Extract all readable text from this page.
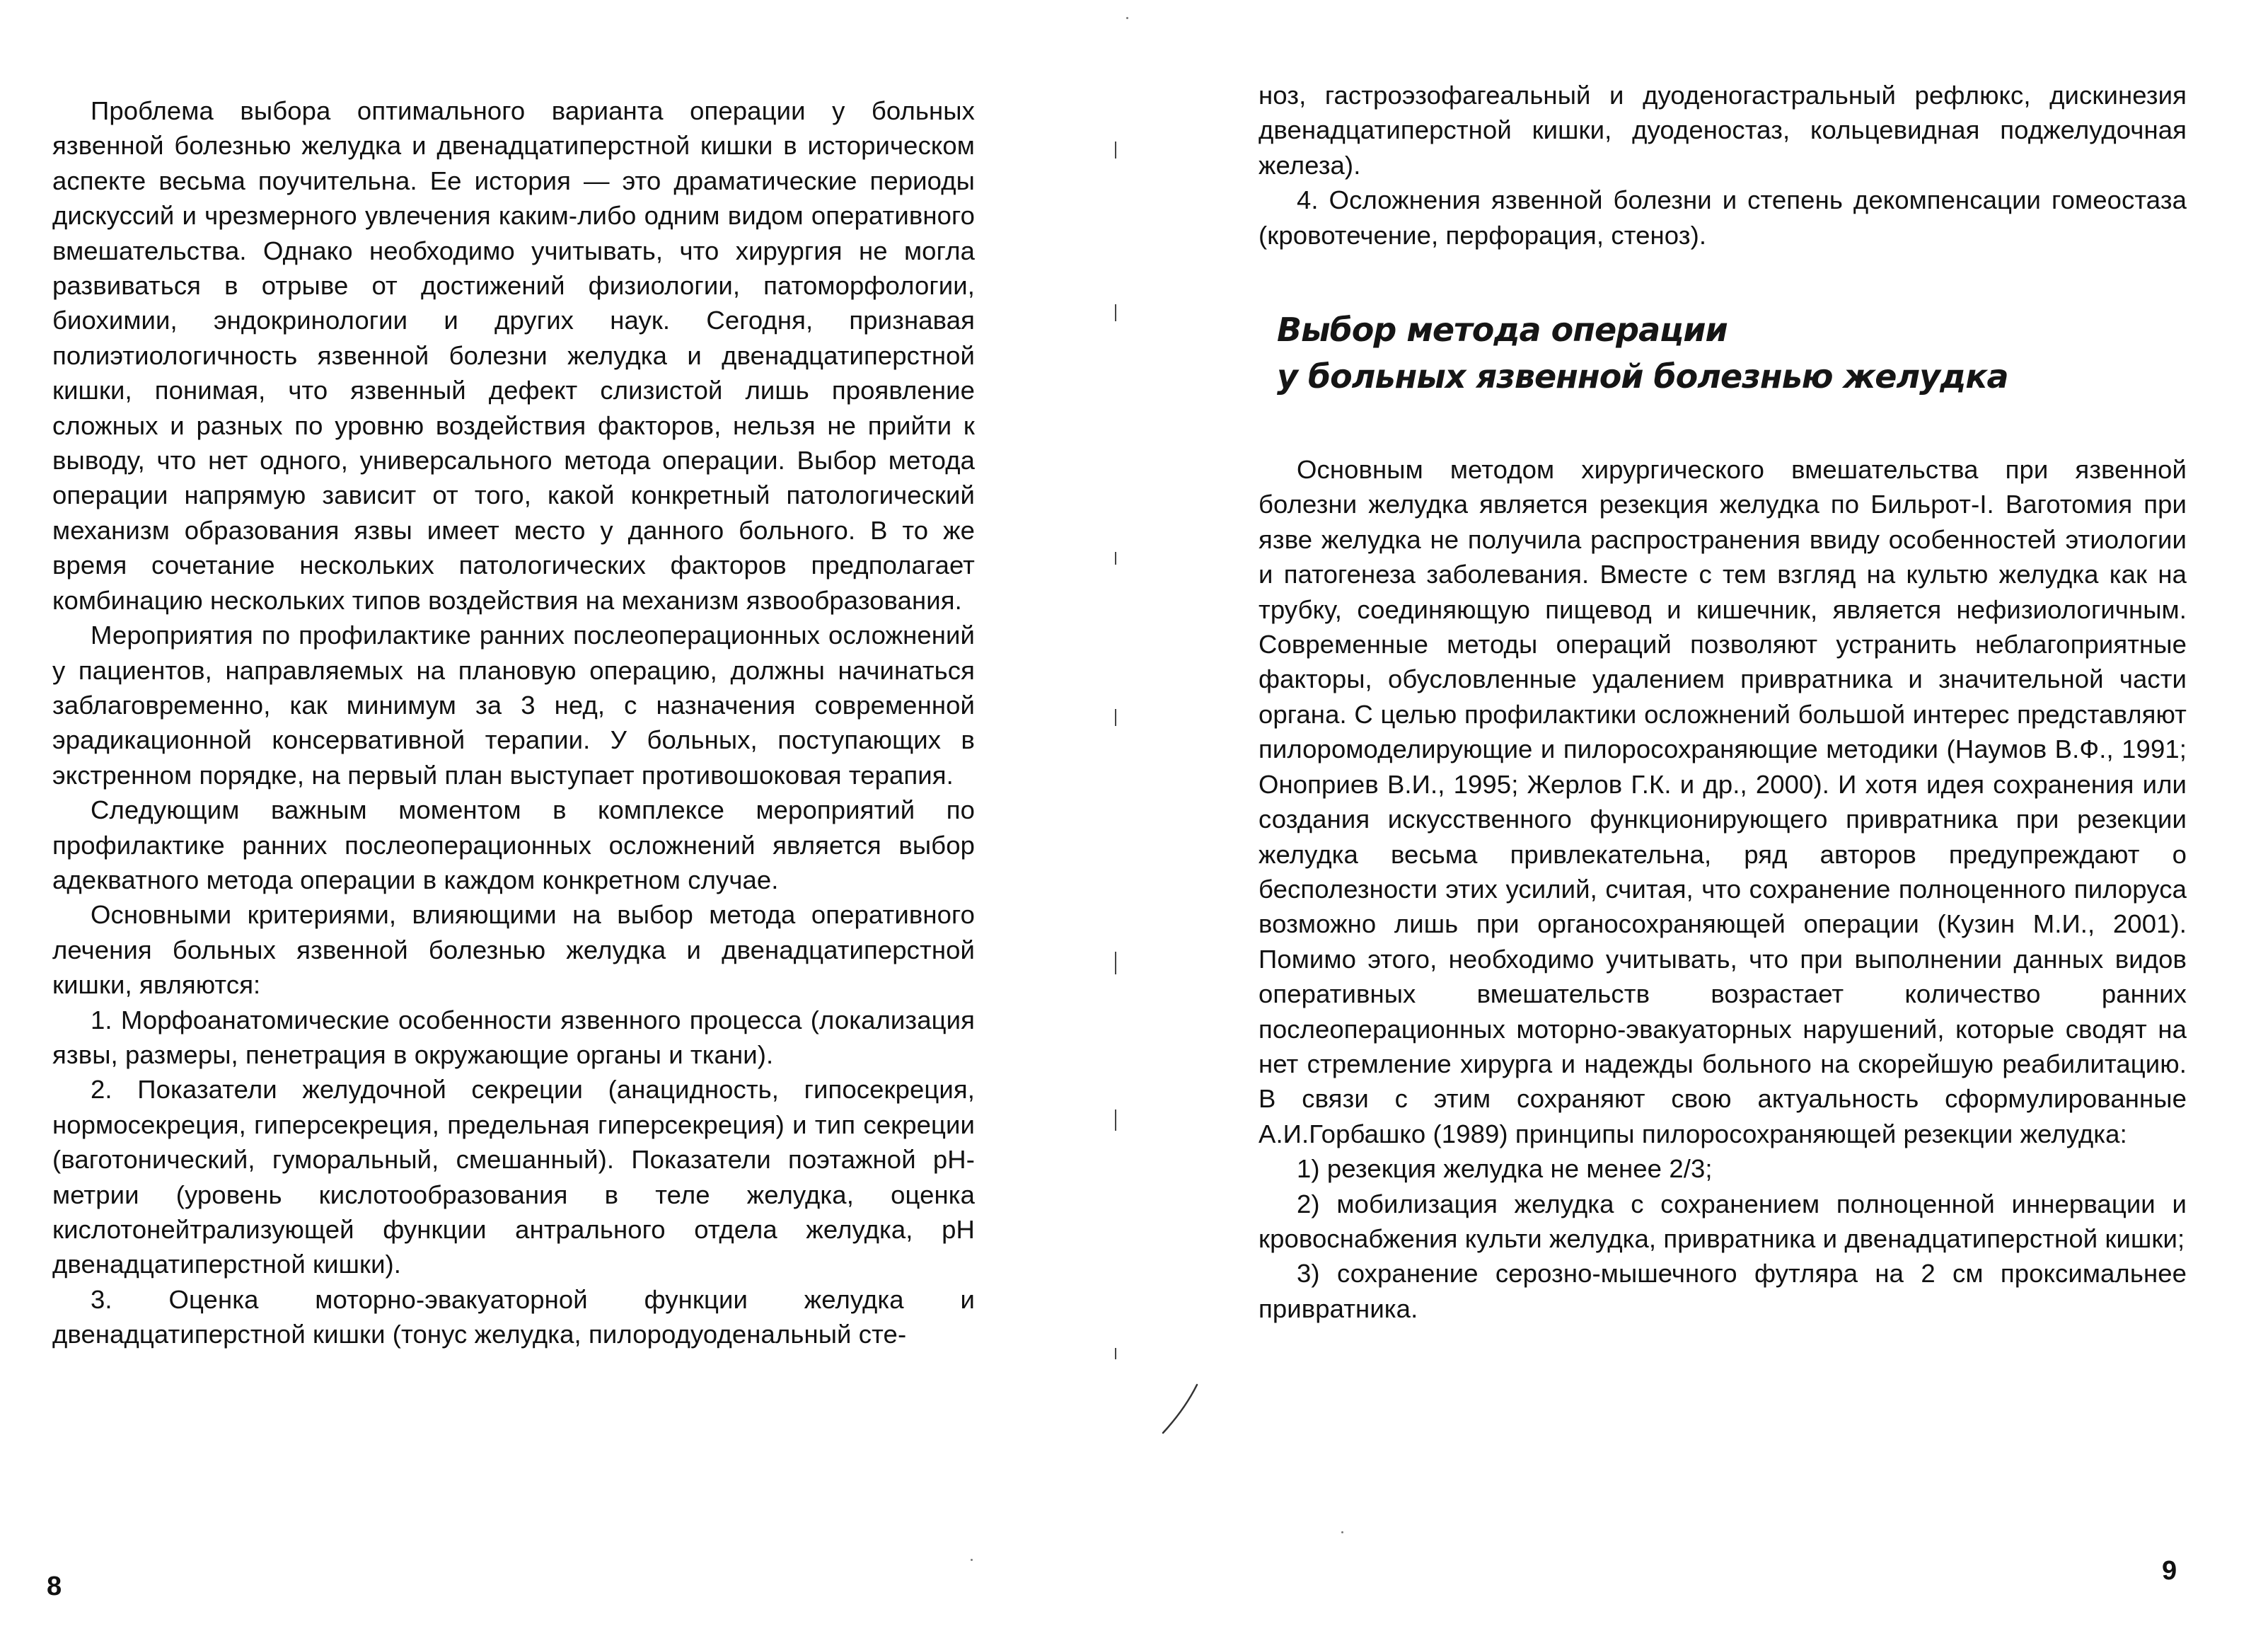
Проблема выбора оптимального варианта операции у больных язвенной болезнью желудка и двенадцатиперстной кишки в историческом аспекте весьма поучительна. Ее история — это драматические периоды дискуссий и чрезмерного увлечения каким-либо одним видом оперативного вмешательства. Однако необходимо учитывать, что хирургия не могла развиваться в отрыве от достижений физиологии, патоморфологии, биохимии, эндокринологии и других наук. Сегодня, признавая полиэтиологичность язвенной болезни желудка и двенадцатиперстной кишки, понимая, что язвенный дефект слизистой лишь проявление сложных и разных по уровню воздействия факторов, нельзя не прийти к выводу, что нет одного, универсального метода операции. Выбор метода операции напрямую зависит от того, какой конкретный патологический механизм образования язвы имеет место у данного больного. В то же время сочетание нескольких патологических факторов предполагает комбинацию нескольких типов воздействия на механизм язвообразования.

Мероприятия по профилактике ранних послеоперационных осложнений у пациентов, направляемых на плановую операцию, должны начинаться заблаговременно, как минимум за 3 нед, с назначения современной эрадикационной консервативной терапии. У больных, поступающих в экстренном порядке, на первый план выступает противошоковая терапия.

Следующим важным моментом в комплексе мероприятий по профилактике ранних послеоперационных осложнений является выбор адекватного метода операции в каждом конкретном случае.

Основными критериями, влияющими на выбор метода оперативного лечения больных язвенной болезнью желудка и двенадцатиперстной кишки, являются:

1. Морфоанатомические особенности язвенного процесса (локализация язвы, размеры, пенетрация в окружающие органы и ткани).

2. Показатели желудочной секреции (анацидность, гипосекреция, нормосекреция, гиперсекреция, предельная гиперсекреция) и тип секреции (ваготонический, гуморальный, смешанный). Показатели поэтажной pH-метрии (уровень кислотообразования в теле желудка, оценка кислотонейтрализующей функции антрального отдела желудка, pH двенадцатиперстной кишки).

3. Оценка моторно-эвакуаторной функции желудка и двенадцатиперстной кишки (тонус желудка, пилородуоденальный сте-

8

ноз, гастроэзофагеальный и дуоденогастральный рефлюкс, дискинезия двенадцатиперстной кишки, дуоденостаз, кольцевидная поджелудочная железа).

4. Осложнения язвенной болезни и степень декомпенсации гомеостаза (кровотечение, перфорация, стеноз).

Выбор метода операции
у больных язвенной болезнью желудка

Основным методом хирургического вмешательства при язвенной болезни желудка является резекция желудка по Бильрот-I. Ваготомия при язве желудка не получила распространения ввиду особенностей этиологии и патогенеза заболевания. Вместе с тем взгляд на культю желудка как на трубку, соединяющую пищевод и кишечник, является нефизиологичным. Современные методы операций позволяют устранить неблагоприятные факторы, обусловленные удалением привратника и значительной части органа. С целью профилактики осложнений большой интерес представляют пилоромоделирующие и пилоросохраняющие методики (Наумов В.Ф., 1991; Оноприев В.И., 1995; Жерлов Г.К. и др., 2000). И хотя идея сохранения или создания искусственного функционирующего привратника при резекции желудка весьма привлекательна, ряд авторов предупреждают о бесполезности этих усилий, считая, что сохранение полноценного пилоруса возможно лишь при органосохраняющей операции (Кузин М.И., 2001). Помимо этого, необходимо учитывать, что при выполнении данных видов оперативных вмешательств возрастает количество ранних послеоперационных моторно-эвакуаторных нарушений, которые сводят на нет стремление хирурга и надежды больного на скорейшую реабилитацию. В связи с этим сохраняют свою актуальность сформулированные А.И.Горбашко (1989) принципы пилоросохраняющей резекции желудка:

1) резекция желудка не менее 2/3;

2) мобилизация желудка с сохранением полноценной иннервации и кровоснабжения культи желудка, привратника и двенадцатиперстной кишки;

3) сохранение серозно-мышечного футляра на 2 см проксимальнее привратника.

9
